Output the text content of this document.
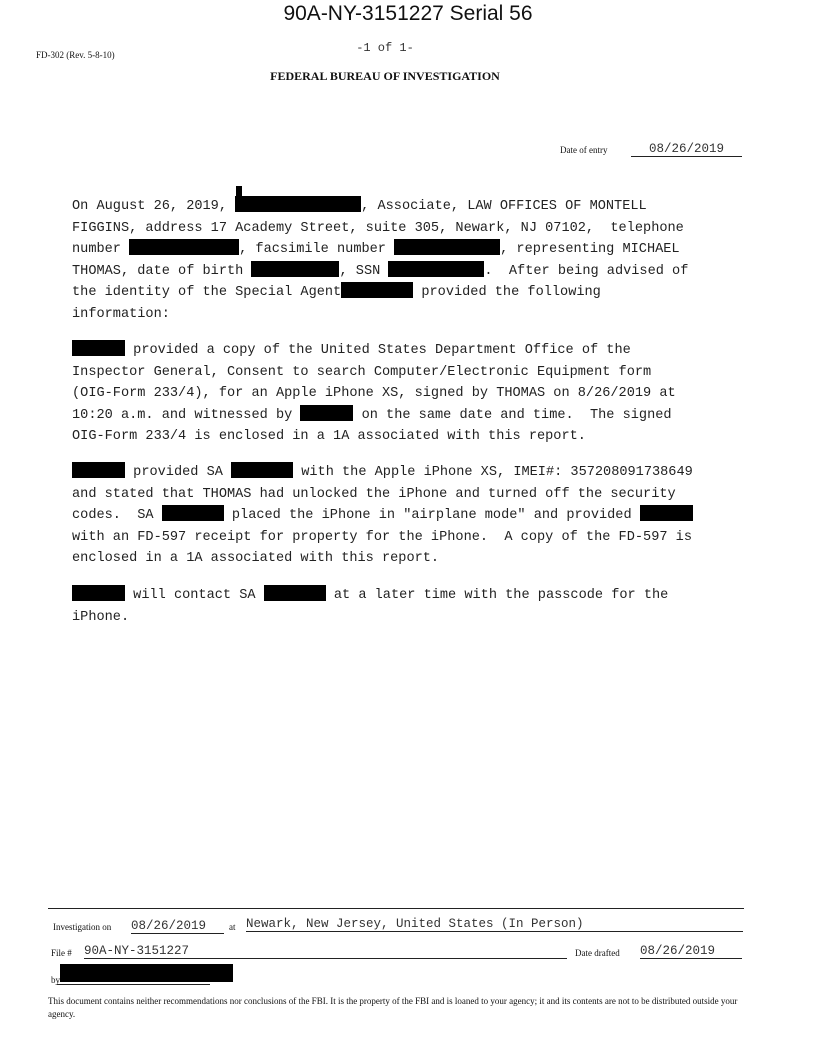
90A-NY-3151227 Serial 56
FD-302 (Rev. 5-8-10)	-1 of 1-
FEDERAL BUREAU OF INVESTIGATION
Date of entry	08/26/2019
On August 26, 2019,	, Associate, LAW OFFICES OF MONTELL
FIGGINS, address 17 Academy Street, suite 305, Newark, NJ 07102,  telephone
number	, facsimile number	, representing MICHAEL
THOMAS, date of birth	, SSN	.  After being advised of
the identity of the Special Agent	provided the following
information:
provided a copy of the United States Department Office of the
Inspector General, Consent to search Computer/Electronic Equipment form
(OIG-Form 233/4), for an Apple iPhone XS, signed by THOMAS on 8/26/2019 at
10:20 a.m. and witnessed by	on the same date and time.  The signed
OIG-Form 233/4 is enclosed in a 1A associated with this report.
provided SA	with the Apple iPhone XS, IMEI#: 357208091738649
and stated that THOMAS had unlocked the iPhone and turned off the security
codes.  SA	placed the iPhone in "airplane mode" and provided
with an FD-597 receipt for property for the iPhone.  A copy of the FD-597 is
enclosed in a 1A associated with this report.
will contact SA	at a later time with the passcode for the
iPhone.
Investigation on 08/26/2019	at Newark, New Jersey, United States (In Person)
File # 90A-NY-3151227	Date drafted 08/26/2019
by

This document contains neither recommendations nor conclusions of the FBI. It is the property of the FBI and is loaned to your agency; it and its contents are not to be distributed outside your agency.
